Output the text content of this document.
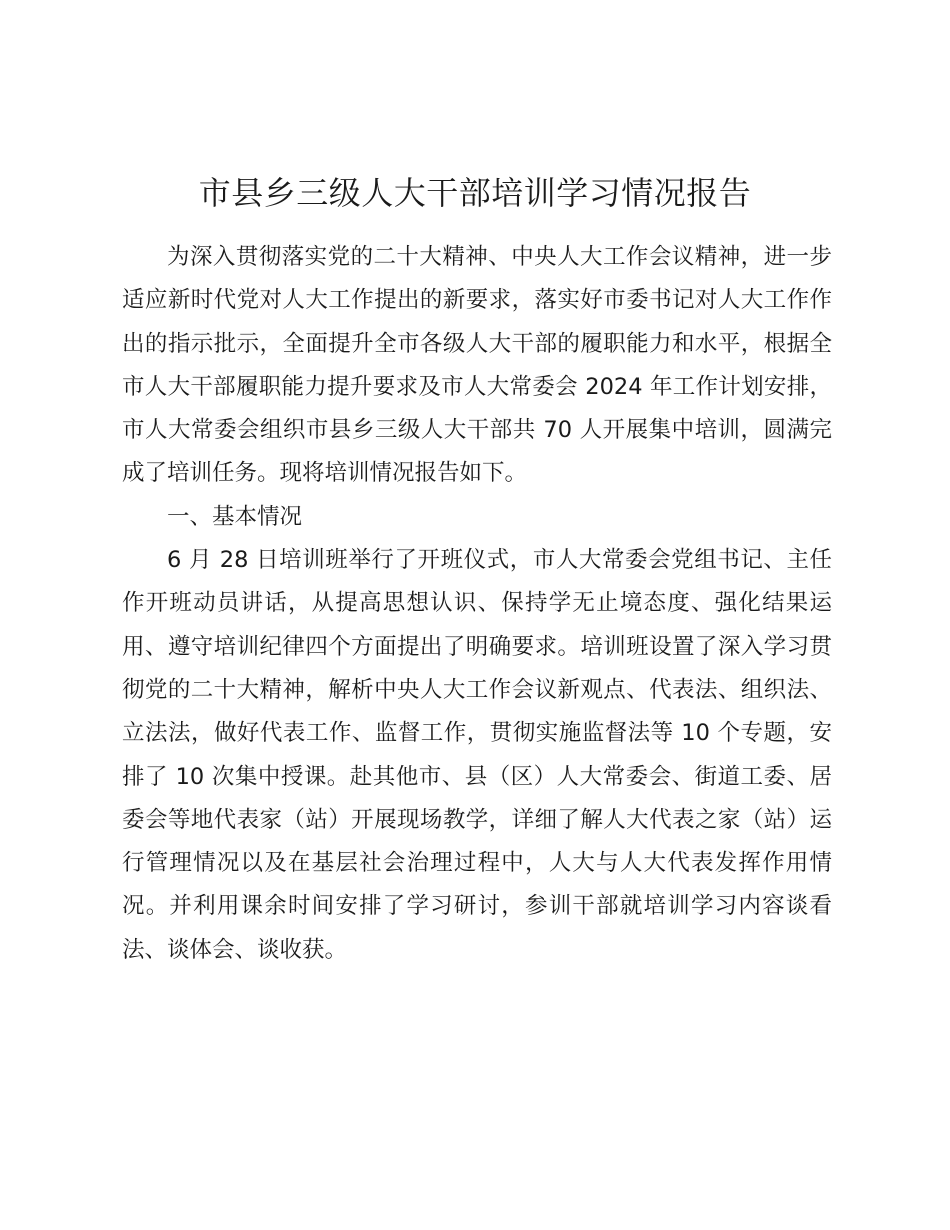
市县乡三级人大干部培训学习情况报告

为深入贯彻落实党的二十大精神、中央人大工作会议精神，进一步适应新时代党对人大工作提出的新要求，落实好市委书记对人大工作作出的指示批示，全面提升全市各级人大干部的履职能力和水平，根据全市人大干部履职能力提升要求及市人大常委会 2024 年工作计划安排，市人大常委会组织市县乡三级人大干部共 70 人开展集中培训，圆满完成了培训任务。现将培训情况报告如下。

一、基本情况

6 月 28 日培训班举行了开班仪式，市人大常委会党组书记、主任作开班动员讲话，从提高思想认识、保持学无止境态度、强化结果运用、遵守培训纪律四个方面提出了明确要求。培训班设置了深入学习贯彻党的二十大精神，解析中央人大工作会议新观点、代表法、组织法、立法法，做好代表工作、监督工作，贯彻实施监督法等 10 个专题，安排了 10 次集中授课。赴其他市、县（区）人大常委会、街道工委、居委会等地代表家（站）开展现场教学，详细了解人大代表之家（站）运行管理情况以及在基层社会治理过程中，人大与人大代表发挥作用情况。并利用课余时间安排了学习研讨，参训干部就培训学习内容谈看法、谈体会、谈收获。
